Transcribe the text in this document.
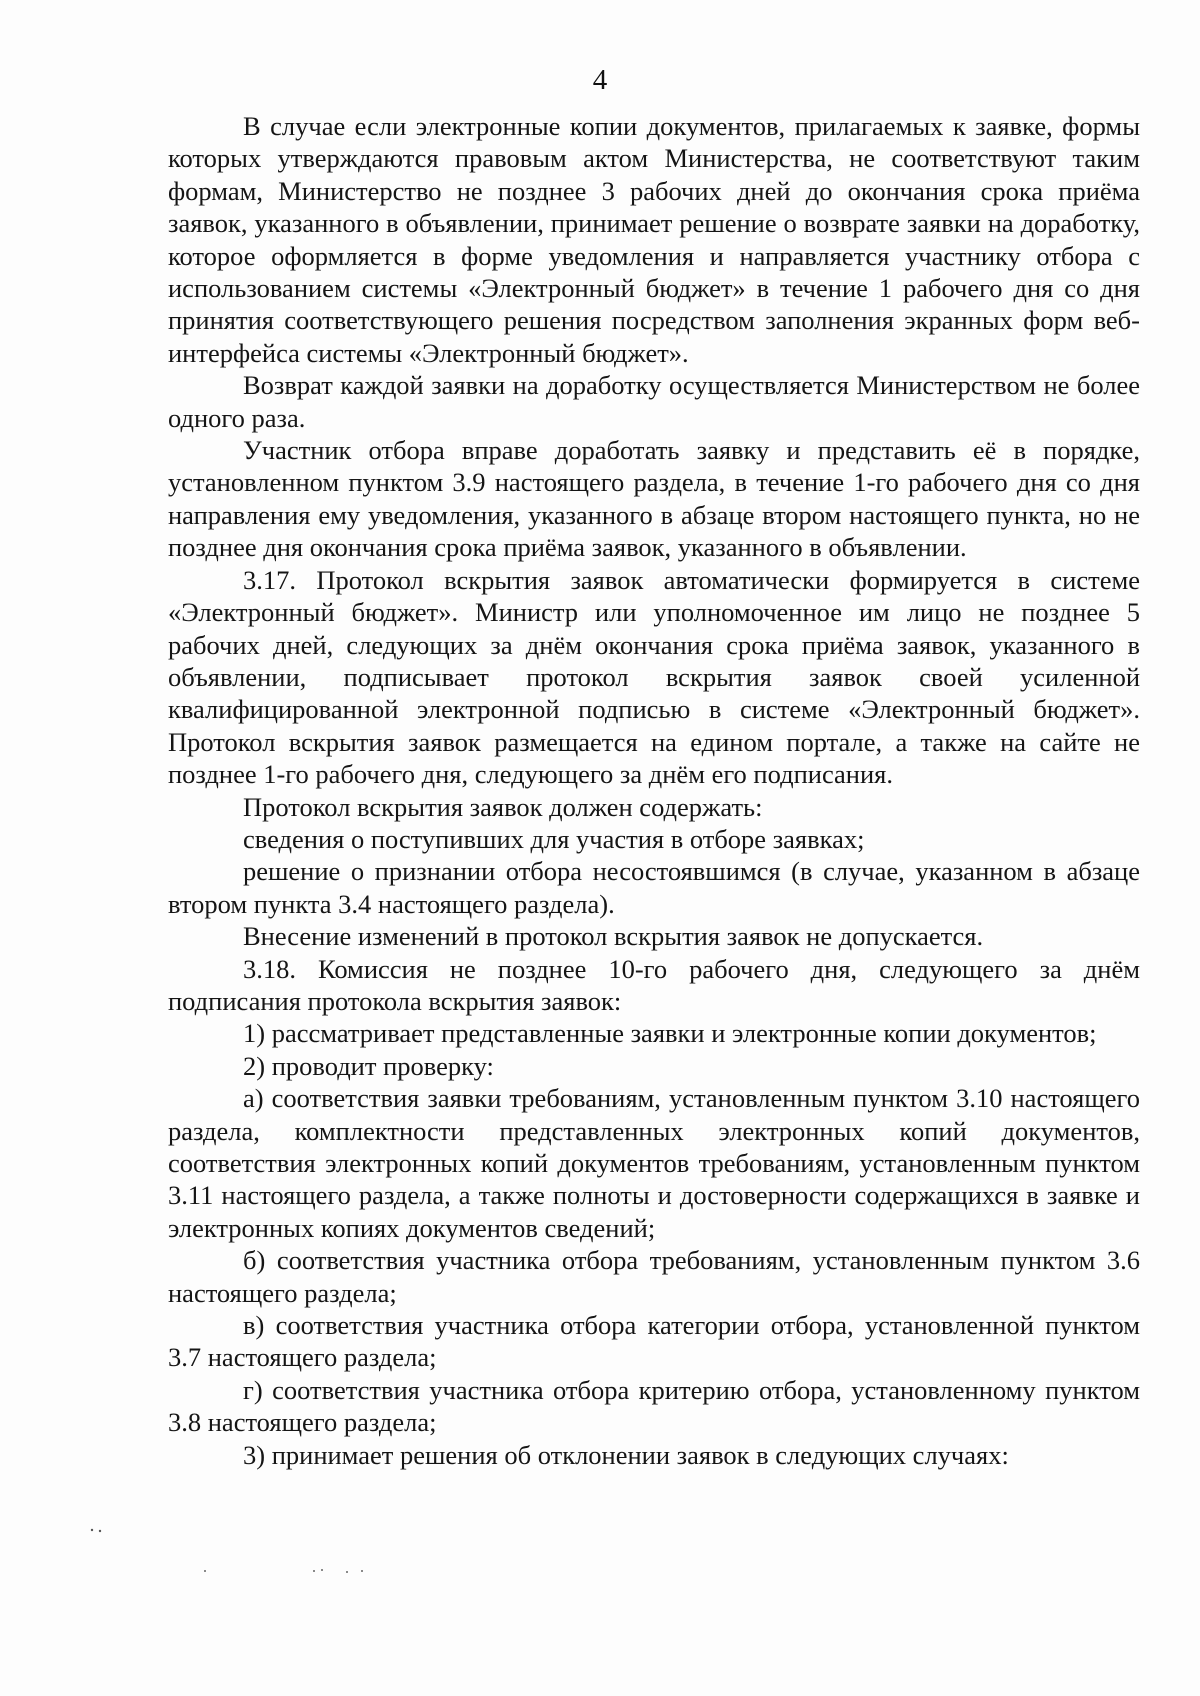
4

В случае если электронные копии документов, прилагаемых к заявке, формы которых утверждаются правовым актом Министерства, не соответствуют таким формам, Министерство не позднее 3 рабочих дней до окончания срока приёма заявок, указанного в объявлении, принимает решение о возврате заявки на доработку, которое оформляется в форме уведомления и направляется участнику отбора с использованием системы «Электронный бюджет» в течение 1 рабочего дня со дня принятия соответствующего решения посредством заполнения экранных форм веб-интерфейса системы «Электронный бюджет».

Возврат каждой заявки на доработку осуществляется Министерством не более одного раза.

Участник отбора вправе доработать заявку и представить её в порядке, установленном пунктом 3.9 настоящего раздела, в течение 1-го рабочего дня со дня направления ему уведомления, указанного в абзаце втором настоящего пункта, но не позднее дня окончания срока приёма заявок, указанного в объявлении.

3.17. Протокол вскрытия заявок автоматически формируется в системе «Электронный бюджет». Министр или уполномоченное им лицо не позднее 5 рабочих дней, следующих за днём окончания срока приёма заявок, указанного в объявлении, подписывает протокол вскрытия заявок своей усиленной квалифицированной электронной подписью в системе «Электронный бюджет». Протокол вскрытия заявок размещается на едином портале, а также на сайте не позднее 1-го рабочего дня, следующего за днём его подписания.

Протокол вскрытия заявок должен содержать:

сведения о поступивших для участия в отборе заявках;

решение о признании отбора несостоявшимся (в случае, указанном в абзаце втором пункта 3.4 настоящего раздела).

Внесение изменений в протокол вскрытия заявок не допускается.

3.18. Комиссия не позднее 10-го рабочего дня, следующего за днём подписания протокола вскрытия заявок:

1) рассматривает представленные заявки и электронные копии документов;

2) проводит проверку:

а) соответствия заявки требованиям, установленным пунктом 3.10 настоящего раздела, комплектности представленных электронных копий документов, соответствия электронных копий документов требованиям, установленным пунктом 3.11 настоящего раздела, а также полноты и достоверности содержащихся в заявке и электронных копиях документов сведений;

б) соответствия участника отбора требованиям, установленным пунктом 3.6 настоящего раздела;

в) соответствия участника отбора категории отбора, установленной пунктом 3.7 настоящего раздела;

г) соответствия участника отбора критерию отбора, установленному пунктом 3.8 настоящего раздела;

3) принимает решения об отклонении заявок в следующих случаях:
